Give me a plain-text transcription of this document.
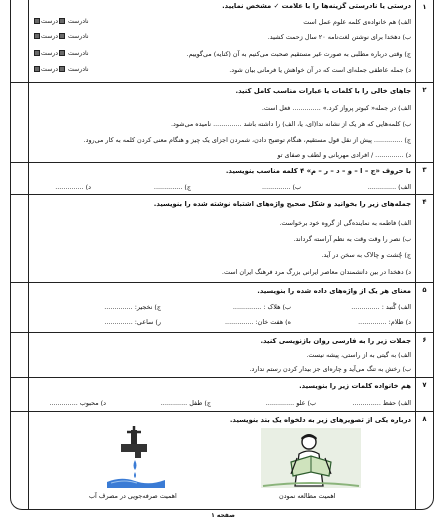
۱
درستی یا نادرستی گزینه‌ها را با علامت ✓ مشخص نمایید.
الف) هم خانواده‌ی کلمه علوم عمل است
ب) دهخدا برای نوشتن لغت‌نامه ۲۰ سال زحمت کشید.
ج) وقتی درباره مطلبی به صورت غیر مستقیم صحبت می‌کنیم به آن (کنایه) می‌گوییم.
د) جمله عاطفی جمله‌ای است که در آن خواهش یا فرمانی بیان شود.
نادرست درست
نادرست درست
نادرست درست
نادرست درست
۲
جاهای خالی را با کلمات یا عبارات مناسب کامل کنید.
الف) در جمله« کبوتر پرواز کرد.» .............. فعل است.
ب) کلمه‌هایی که هر یک از نشانه ندا(ای، یا، الف) را داشته باشد .............. نامیده می‌شود.
ج) .............. پیش از نقل قول مستقیم، هنگام توضیح دادن، شمردن اجزای یک چیز و هنگام معنی کردن کلمه به کار می‌رود.
د) .............. / افرادی مهربانی و لطف و صفای تو
۳
با حروف «ج – ا – و – د – ر – م» ۴ کلمه مناسب بنویسید.
الف) ..............
ب) ..............
ج) ..............
د) ..............
۴
جمله‌های زیر را بخوانید و شکل صحیح واژه‌های اشتباه نوشته شده را بنویسید.
الف) فاطمه به نماینده‌گی از گروه خود برخواست.
ب) نصر را وقت وقت به نظم آراسته گرداند.
ج) چُشت و چالاک به سخن در آید.
د) دهخدا در بین دانشمندان معاصر ایرانی بزرگ مرد فرهنگ ایران است.
۵
معنای هر یک از واژه‌های داده شده را بنویسید.
الف) گُنبد : ..............
ب) هلاک : ..............
ج) نخجیر: ..............
د) ظلام: ..............
ه) هفت خان: ..............
ر) ساعی: ..............
۶
جملات زیر را به فارسی روان بازنویسی کنید.
الف) به گیتی به از راستی، پیشه نیست.
ب) رخش به تنگ می‌آید و چاره‌ای جز بیدار کردن رستم ندارد.
۷
هم خانواده کلمات زیر را بنویسید.
الف) حفظ ..............
ب) علو ..............
ج) طفل .............
د) محبوب ..............
۸
درباره یکی از تصویرهای زیر به دلخواه یک بند بنویسید.
اهمیت مطالعه نمودن
اهمیت صرفه‌جویی در مصرف آب
صفحه ۱
